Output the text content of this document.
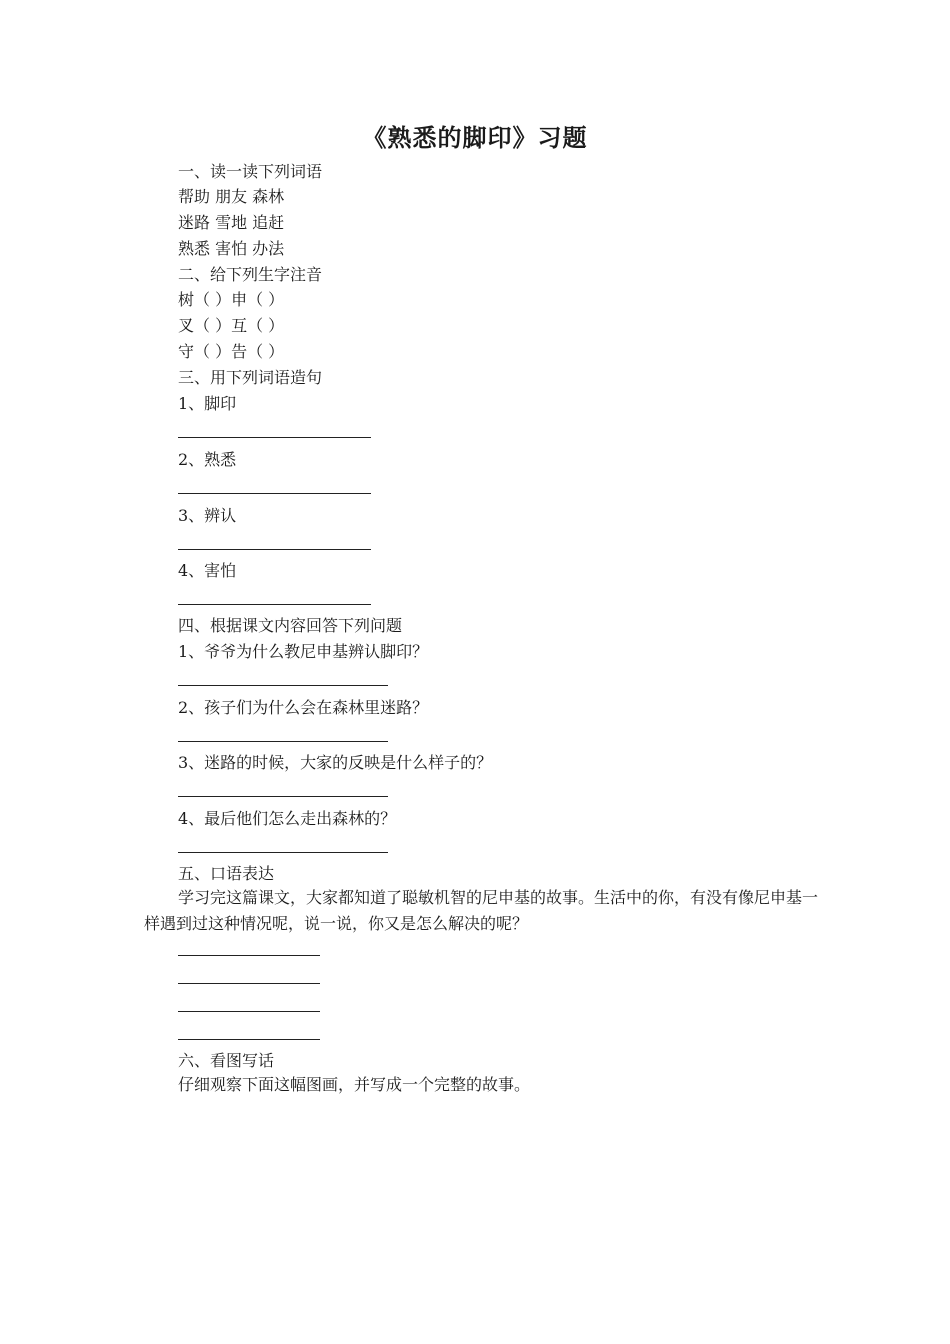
《熟悉的脚印》习题
一、读一读下列词语
帮助 朋友 森林
迷路 雪地 追赶
熟悉 害怕 办法
二、给下列生字注音
树（ ）申（ ）
叉（ ）互（ ）
守（ ）告（ ）
三、用下列词语造句
1、脚印
2、熟悉
3、辨认
4、害怕
四、根据课文内容回答下列问题
1、爷爷为什么教尼申基辨认脚印？
2、孩子们为什么会在森林里迷路？
3、迷路的时候，大家的反映是什么样子的？
4、最后他们怎么走出森林的？
五、口语表达
学习完这篇课文，大家都知道了聪敏机智的尼申基的故事。生活中的你，有没有像尼申基一样遇到过这种情况呢，说一说，你又是怎么解决的呢？
六、看图写话
仔细观察下面这幅图画，并写成一个完整的故事。
